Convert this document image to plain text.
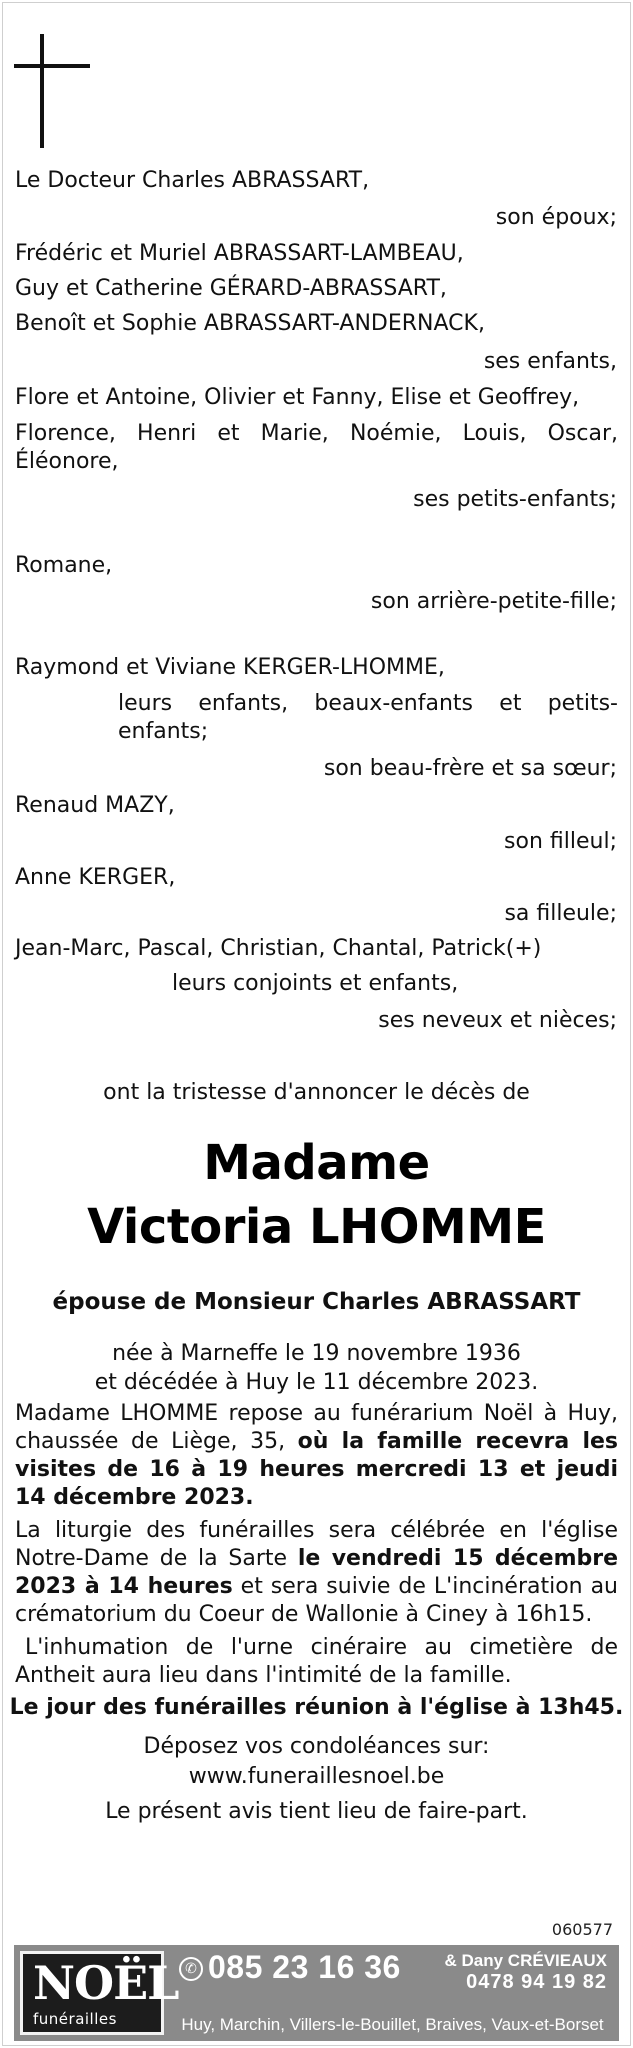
Le Docteur Charles ABRASSART,
son époux;
Frédéric et Muriel ABRASSART-LAMBEAU,
Guy et Catherine GÉRARD-ABRASSART,
Benoît et Sophie ABRASSART-ANDERNACK,
ses enfants,
Flore et Antoine, Olivier et Fanny, Elise et Geoffrey,
Florence, Henri et Marie, Noémie, Louis, Oscar, Éléonore,
ses petits-enfants;
Romane,
son arrière-petite-fille;
Raymond et Viviane KERGER-LHOMME,
leurs enfants, beaux-enfants et petits-enfants;
son beau-frère et sa sœur;
Renaud MAZY,
son filleul;
Anne KERGER,
sa filleule;
Jean-Marc, Pascal, Christian, Chantal, Patrick(+)
leurs conjoints et enfants,
ses neveux et nièces;
ont la tristesse d'annoncer le décès de
Madame
Victoria LHOMME
épouse de Monsieur Charles ABRASSART
née à Marneffe le 19 novembre 1936
et décédée à Huy le 11 décembre 2023.
Madame LHOMME repose au funérarium Noël à Huy, chaussée de Liège, 35, où la famille recevra les visites de 16 à 19 heures mercredi 13 et jeudi 14 décembre 2023.
La liturgie des funérailles sera célébrée en l'église Notre-Dame de la Sarte le vendredi 15 décembre 2023 à 14 heures et sera suivie de L'incinération au crématorium du Coeur de Wallonie à Ciney à 16h15.
L'inhumation de l'urne cinéraire au cimetière de Antheit aura lieu dans l'intimité de la famille.
Le jour des funérailles réunion à l'église à 13h45.
Déposez vos condoléances sur:
www.funeraillesnoel.be
Le présent avis tient lieu de faire-part.
060577
NOËL
funérailles
✆ 085 23 16 36	& Dany CRÉVIEAUX
0478 94 19 82
Huy, Marchin, Villers-le-Bouillet, Braives, Vaux-et-Borset
